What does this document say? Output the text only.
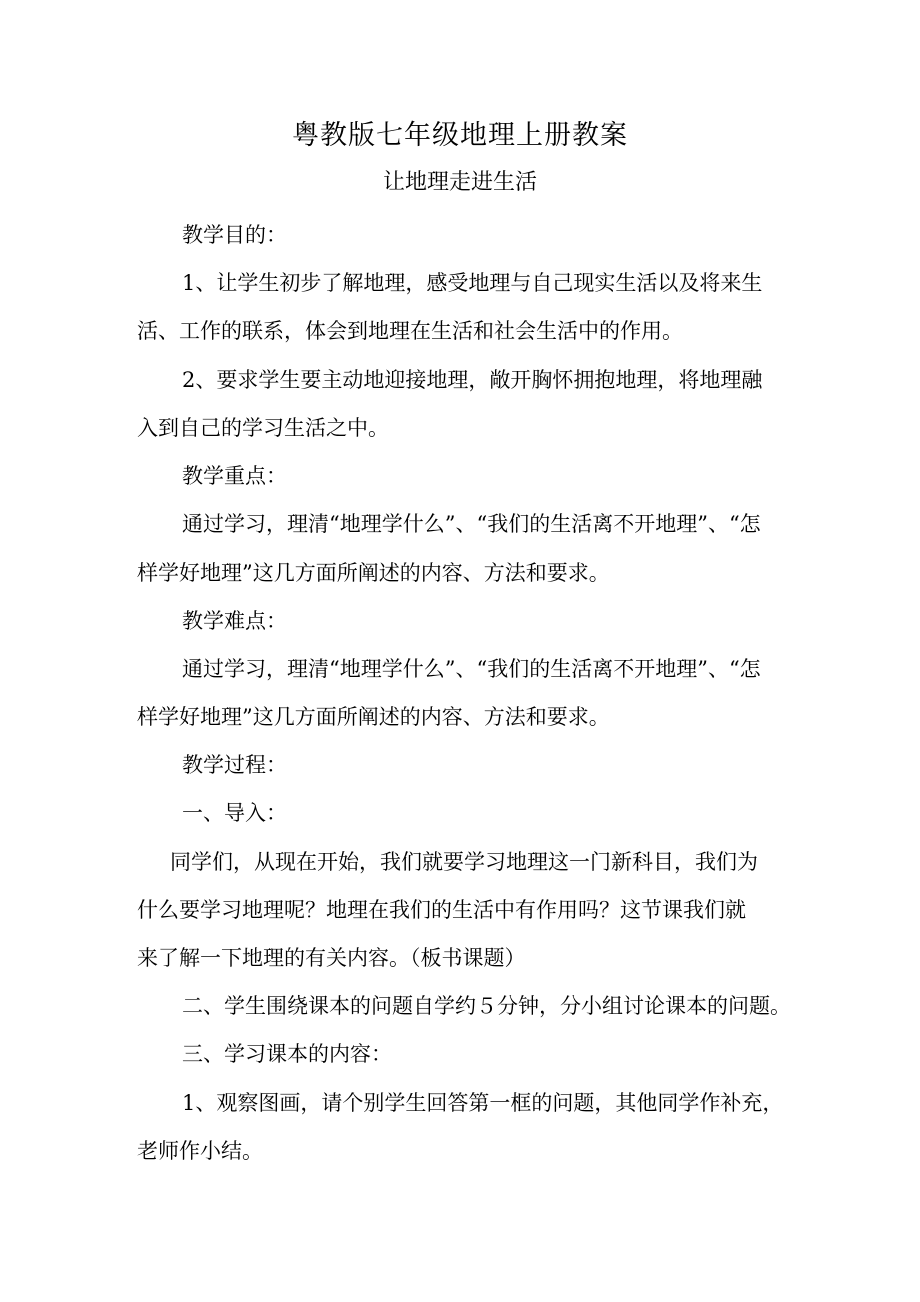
粤教版七年级地理上册教案
让地理走进生活
教学目的：
1、让学生初步了解地理，感受地理与自己现实生活以及将来生
活、工作的联系，体会到地理在生活和社会生活中的作用。
2、要求学生要主动地迎接地理，敞开胸怀拥抱地理，将地理融
入到自己的学习生活之中。
教学重点：
通过学习，理清“地理学什么”、“我们的生活离不开地理”、“怎
样学好地理”这几方面所阐述的内容、方法和要求。
教学难点：
通过学习，理清“地理学什么”、“我们的生活离不开地理”、“怎
样学好地理”这几方面所阐述的内容、方法和要求。
教学过程：
一、导入：
同学们，从现在开始，我们就要学习地理这一门新科目，我们为
什么要学习地理呢？地理在我们的生活中有作用吗？这节课我们就
来了解一下地理的有关内容。（板书课题）
二、学生围绕课本的问题自学约５分钟，分小组讨论课本的问题。
三、学习课本的内容：
1、观察图画，请个别学生回答第一框的问题，其他同学作补充，
老师作小结。
